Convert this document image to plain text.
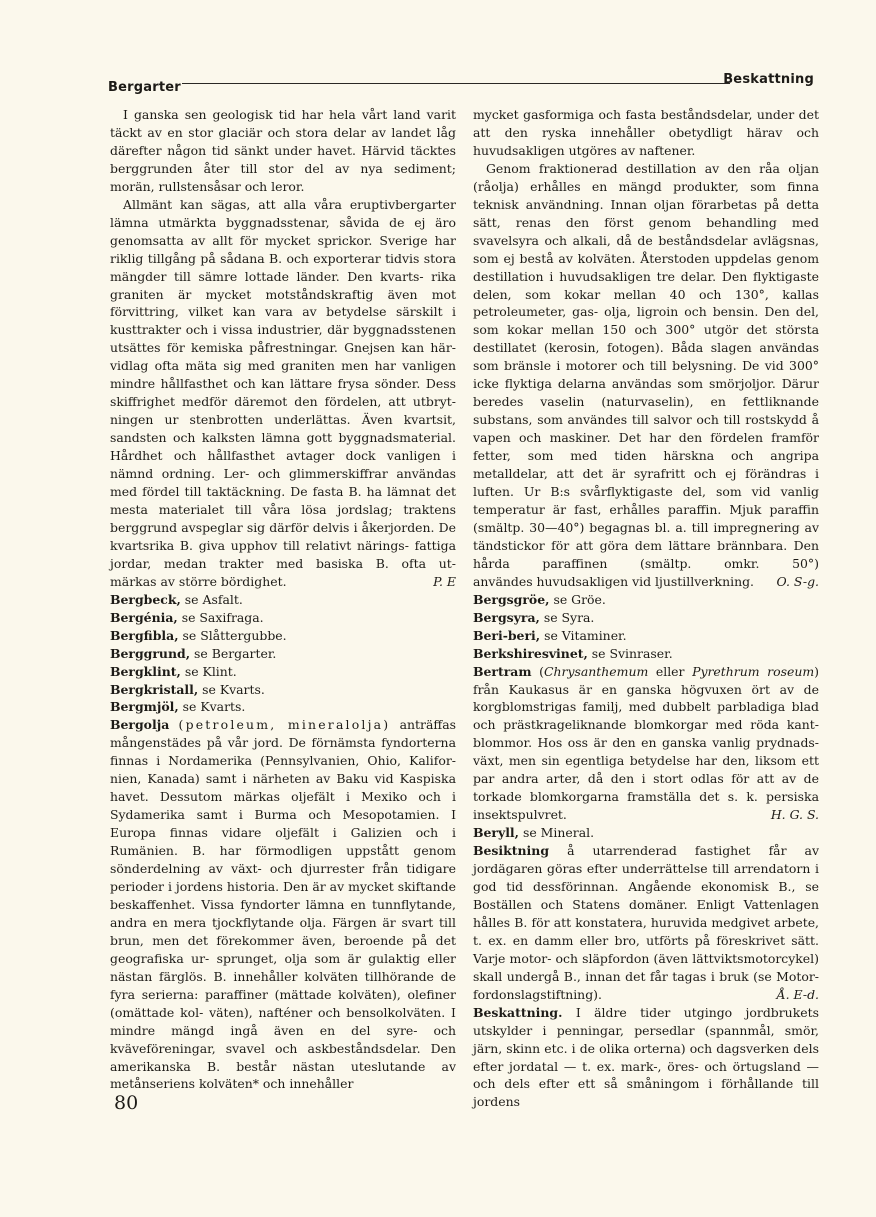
Bergarter
Beskattning

I ganska sen geologisk tid har hela vårt land varit täckt av en stor glaciär och stora delar av landet låg därefter någon tid sänkt under havet. Härvid täcktes berggrunden åter till stor del av nya sediment;

morän, rullstensåsar och leror.

Allmänt kan sägas, att alla våra eruptivbergarter lämna utmärkta byggnadsstenar, såvida de ej äro genomsatta av allt för mycket sprickor. Sverige har riklig tillgång på sådana B. och exporterar tidvis stora mängder till sämre lottade länder. Den kvarts- rika graniten är mycket motståndskraftig även mot förvittring, vilket kan vara av betydelse särskilt i kusttrakter och i vissa industrier, där byggnadsstenen utsättes för kemiska påfrestningar. Gnejsen kan här- vidlag ofta mäta sig med graniten men har vanligen mindre hållfasthet och kan lättare frysa sönder. Dess skiffrighet medför däremot den fördelen, att utbryt- ningen ur stenbrotten underlättas. Även kvartsit, sandsten och kalksten lämna gott byggnadsmaterial. Hårdhet och hållfasthet avtager dock vanligen i nämnd ordning. Ler- och glimmerskiffrar användas med fördel till taktäckning. De fasta B. ha lämnat det mesta materialet till våra lösa jordslag; traktens berggrund avspeglar sig därför delvis i åkerjorden. De kvartsrika B. giva upphov till relativt närings- fattiga jordar, medan trakter med basiska B. ofta ut-

märkas av större bördighet.	P. E

Bergbeck, se Asfalt.

Bergénia, se Saxifraga.

Bergfibla, se Slåttergubbe.

Berggrund, se Bergarter.

Bergklint, se Klint.

Bergkristall, se Kvarts.

Bergmjöl, se Kvarts.

Bergolja (petroleum, mineralolja) anträffas mångenstädes på vår jord. De förnämsta fyndorterna finnas i Nordamerika (Pennsylvanien, Ohio, Kalifor- nien, Kanada) samt i närheten av Baku vid Kaspiska havet. Dessutom märkas oljefält i Mexiko och i Sydamerika samt i Burma och Mesopotamien. I Europa finnas vidare oljefält i Galizien och i Rumänien. B. har förmodligen uppstått genom sönderdelning av växt- och djurrester från tidigare perioder i jordens historia. Den är av mycket skiftande beskaffenhet. Vissa fyndorter lämna en tunnflytande, andra en mera tjockflytande olja. Färgen är svart till brun, men det förekommer även, beroende på det geografiska ur- sprunget, olja som är gulaktig eller nästan färglös. B. innehåller kolväten tillhörande de fyra serierna: paraffiner (mättade kolväten), olefiner (omättade kol- väten), nafténer och bensolkolväten. I mindre mängd ingå även en del syre- och kväveföreningar, svavel och askbeståndsdelar. Den amerikanska B. består nästan uteslutande av metånseriens kolväten* och innehåller

mycket gasformiga och fasta beståndsdelar, under det att den ryska innehåller obetydligt härav och

huvudsakligen utgöres av naftener.

Genom fraktionerad destillation av den råa oljan (råolja) erhålles en mängd produkter, som finna teknisk användning. Innan oljan förarbetas på detta sätt, renas den först genom behandling med svavelsyra och alkali, då de beståndsdelar avlägsnas, som ej bestå av kolväten. Återstoden uppdelas genom destillation i huvudsakligen tre delar. Den flyktigaste delen, som kokar mellan 40 och 130°, kallas petroleumeter, gas- olja, ligroin och bensin. Den del, som kokar mellan 150 och 300° utgör det största destillatet (kerosin, fotogen). Båda slagen användas som bränsle i motorer och till belysning. De vid 300° icke flyktiga delarna användas som smörjoljor. Därur beredes vaselin (naturvaselin), en fettliknande substans, som användes till salvor och till rostskydd å vapen och maskiner. Det har den fördelen framför fetter, som med tiden härskna och angripa metalldelar, att det är syrafritt och ej förändras i luften. Ur B:s svårflyktigaste del, som vid vanlig temperatur är fast, erhålles paraffin. Mjuk paraffin (smältp. 30—40°) begagnas bl. a. till impregnering av tändstickor för att göra dem lättare brännbara. Den hårda paraffinen (smältp. omkr. 50°)

användes huvudsakligen vid ljustillverkning. O. S-g.

Bergsgröe, se Gröe.

Bergsyra, se Syra.

Beri-beri, se Vitaminer.

Berkshiresvinet, se Svinraser.

Bertram (Chrysanthemum eller Pyrethrum roseum) från Kaukasus är en ganska högvuxen ört av de korgblomstrigas familj, med dubbelt parbladiga blad och prästkrageliknande blomkorgar med röda kant- blommor. Hos oss är den en ganska vanlig prydnads- växt, men sin egentliga betydelse har den, liksom ett par andra arter, då den i stort odlas för att av de torkade blomkorgarna framställa det s. k. persiska

insektspulvret.	H. G. S.

Beryll, se Mineral.

Besiktning å utarrenderad fastighet får av jordägaren göras efter underrättelse till arrendatorn i god tid dessförinnan. Angående ekonomisk B., se Boställen och Statens domäner. Enligt Vattenlagen hålles B. för att konstatera, huruvida medgivet arbete, t. ex. en damm eller bro, utförts på föreskrivet sätt. Varje motor- och släpfordon (även lättviktsmotorcykel) skall undergå B., innan det får tagas i bruk (se Motor-

fordonslagstiftning).	Å. E-d.

Beskattning. I äldre tider utgingo jordbrukets utskylder i penningar, persedlar (spannmål, smör, järn, skinn etc. i de olika orterna) och dagsverken dels efter jordatal — t. ex. mark-, öres- och örtugsland — och dels efter ett så småningom i förhållande till jordens

80
